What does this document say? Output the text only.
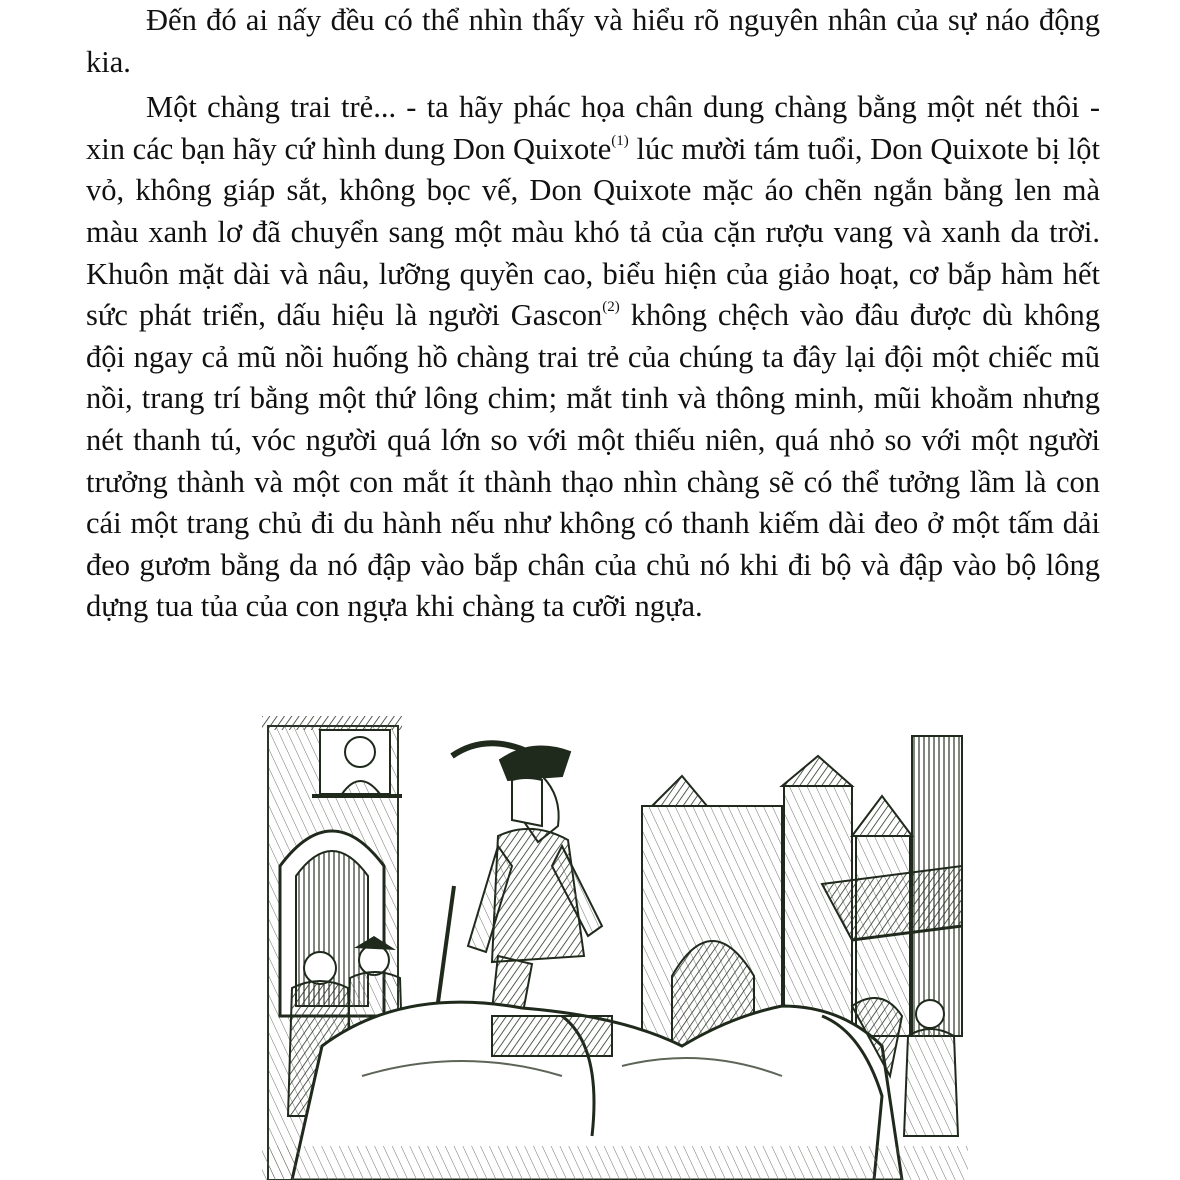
Đến đó ai nấy đều có thể nhìn thấy và hiểu rõ nguyên nhân của sự náo động kia.

Một chàng trai trẻ... - ta hãy phác họa chân dung chàng bằng một nét thôi - xin các bạn hãy cứ hình dung Don Quixote$^{(1)}$ lúc mười tám tuổi, Don Quixote bị lột vỏ, không giáp sắt, không bọc vế, Don Quixote mặc áo chẽn ngắn bằng len mà màu xanh lơ đã chuyển sang một màu khó tả của cặn rượu vang và xanh da trời. Khuôn mặt dài và nâu, lưỡng quyền cao, biểu hiện của giảo hoạt, cơ bắp hàm hết sức phát triển, dấu hiệu là người Gascon$^{(2)}$ không chệch vào đâu được dù không đội ngay cả mũ nồi huống hồ chàng trai trẻ của chúng ta đây lại đội một chiếc mũ nồi, trang trí bằng một thứ lông chim; mắt tinh và thông minh, mũi khoằm nhưng nét thanh tú, vóc người quá lớn so với một thiếu niên, quá nhỏ so với một người trưởng thành và một con mắt ít thành thạo nhìn chàng sẽ có thể tưởng lầm là con cái một trang chủ đi du hành nếu như không có thanh kiếm dài đeo ở một tấm dải đeo gươm bằng da nó đập vào bắp chân của chủ nó khi đi bộ và đập vào bộ lông dựng tua tủa của con ngựa khi chàng ta cưỡi ngựa.
